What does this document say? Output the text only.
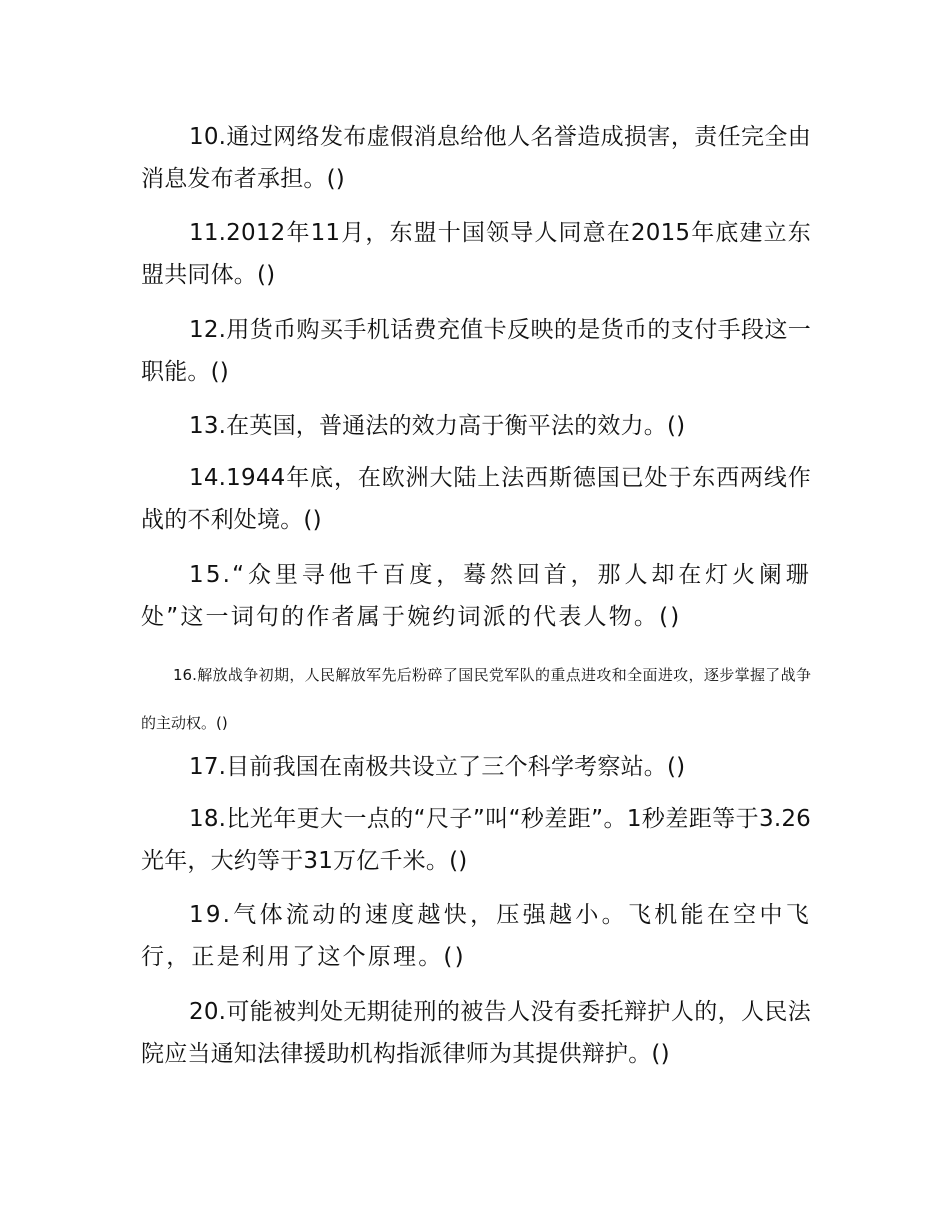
10.通过网络发布虚假消息给他人名誉造成损害，责任完全由消息发布者承担。()

11.2012年11月，东盟十国领导人同意在2015年底建立东盟共同体。()

12.用货币购买手机话费充值卡反映的是货币的支付手段这一职能。()

13.在英国，普通法的效力高于衡平法的效力。()

14.1944年底，在欧洲大陆上法西斯德国已处于东西两线作战的不利处境。()

15.“众里寻他千百度，蓦然回首，那人却在灯火阑珊处”这一词句的作者属于婉约词派的代表人物。()

16.解放战争初期，人民解放军先后粉碎了国民党军队的重点进攻和全面进攻，逐步掌握了战争的主动权。()

17.目前我国在南极共设立了三个科学考察站。()

18.比光年更大一点的“尺子”叫“秒差距”。1秒差距等于3.26光年，大约等于31万亿千米。()

19.气体流动的速度越快，压强越小。飞机能在空中飞行，正是利用了这个原理。()

20.可能被判处无期徒刑的被告人没有委托辩护人的，人民法院应当通知法律援助机构指派律师为其提供辩护。()
